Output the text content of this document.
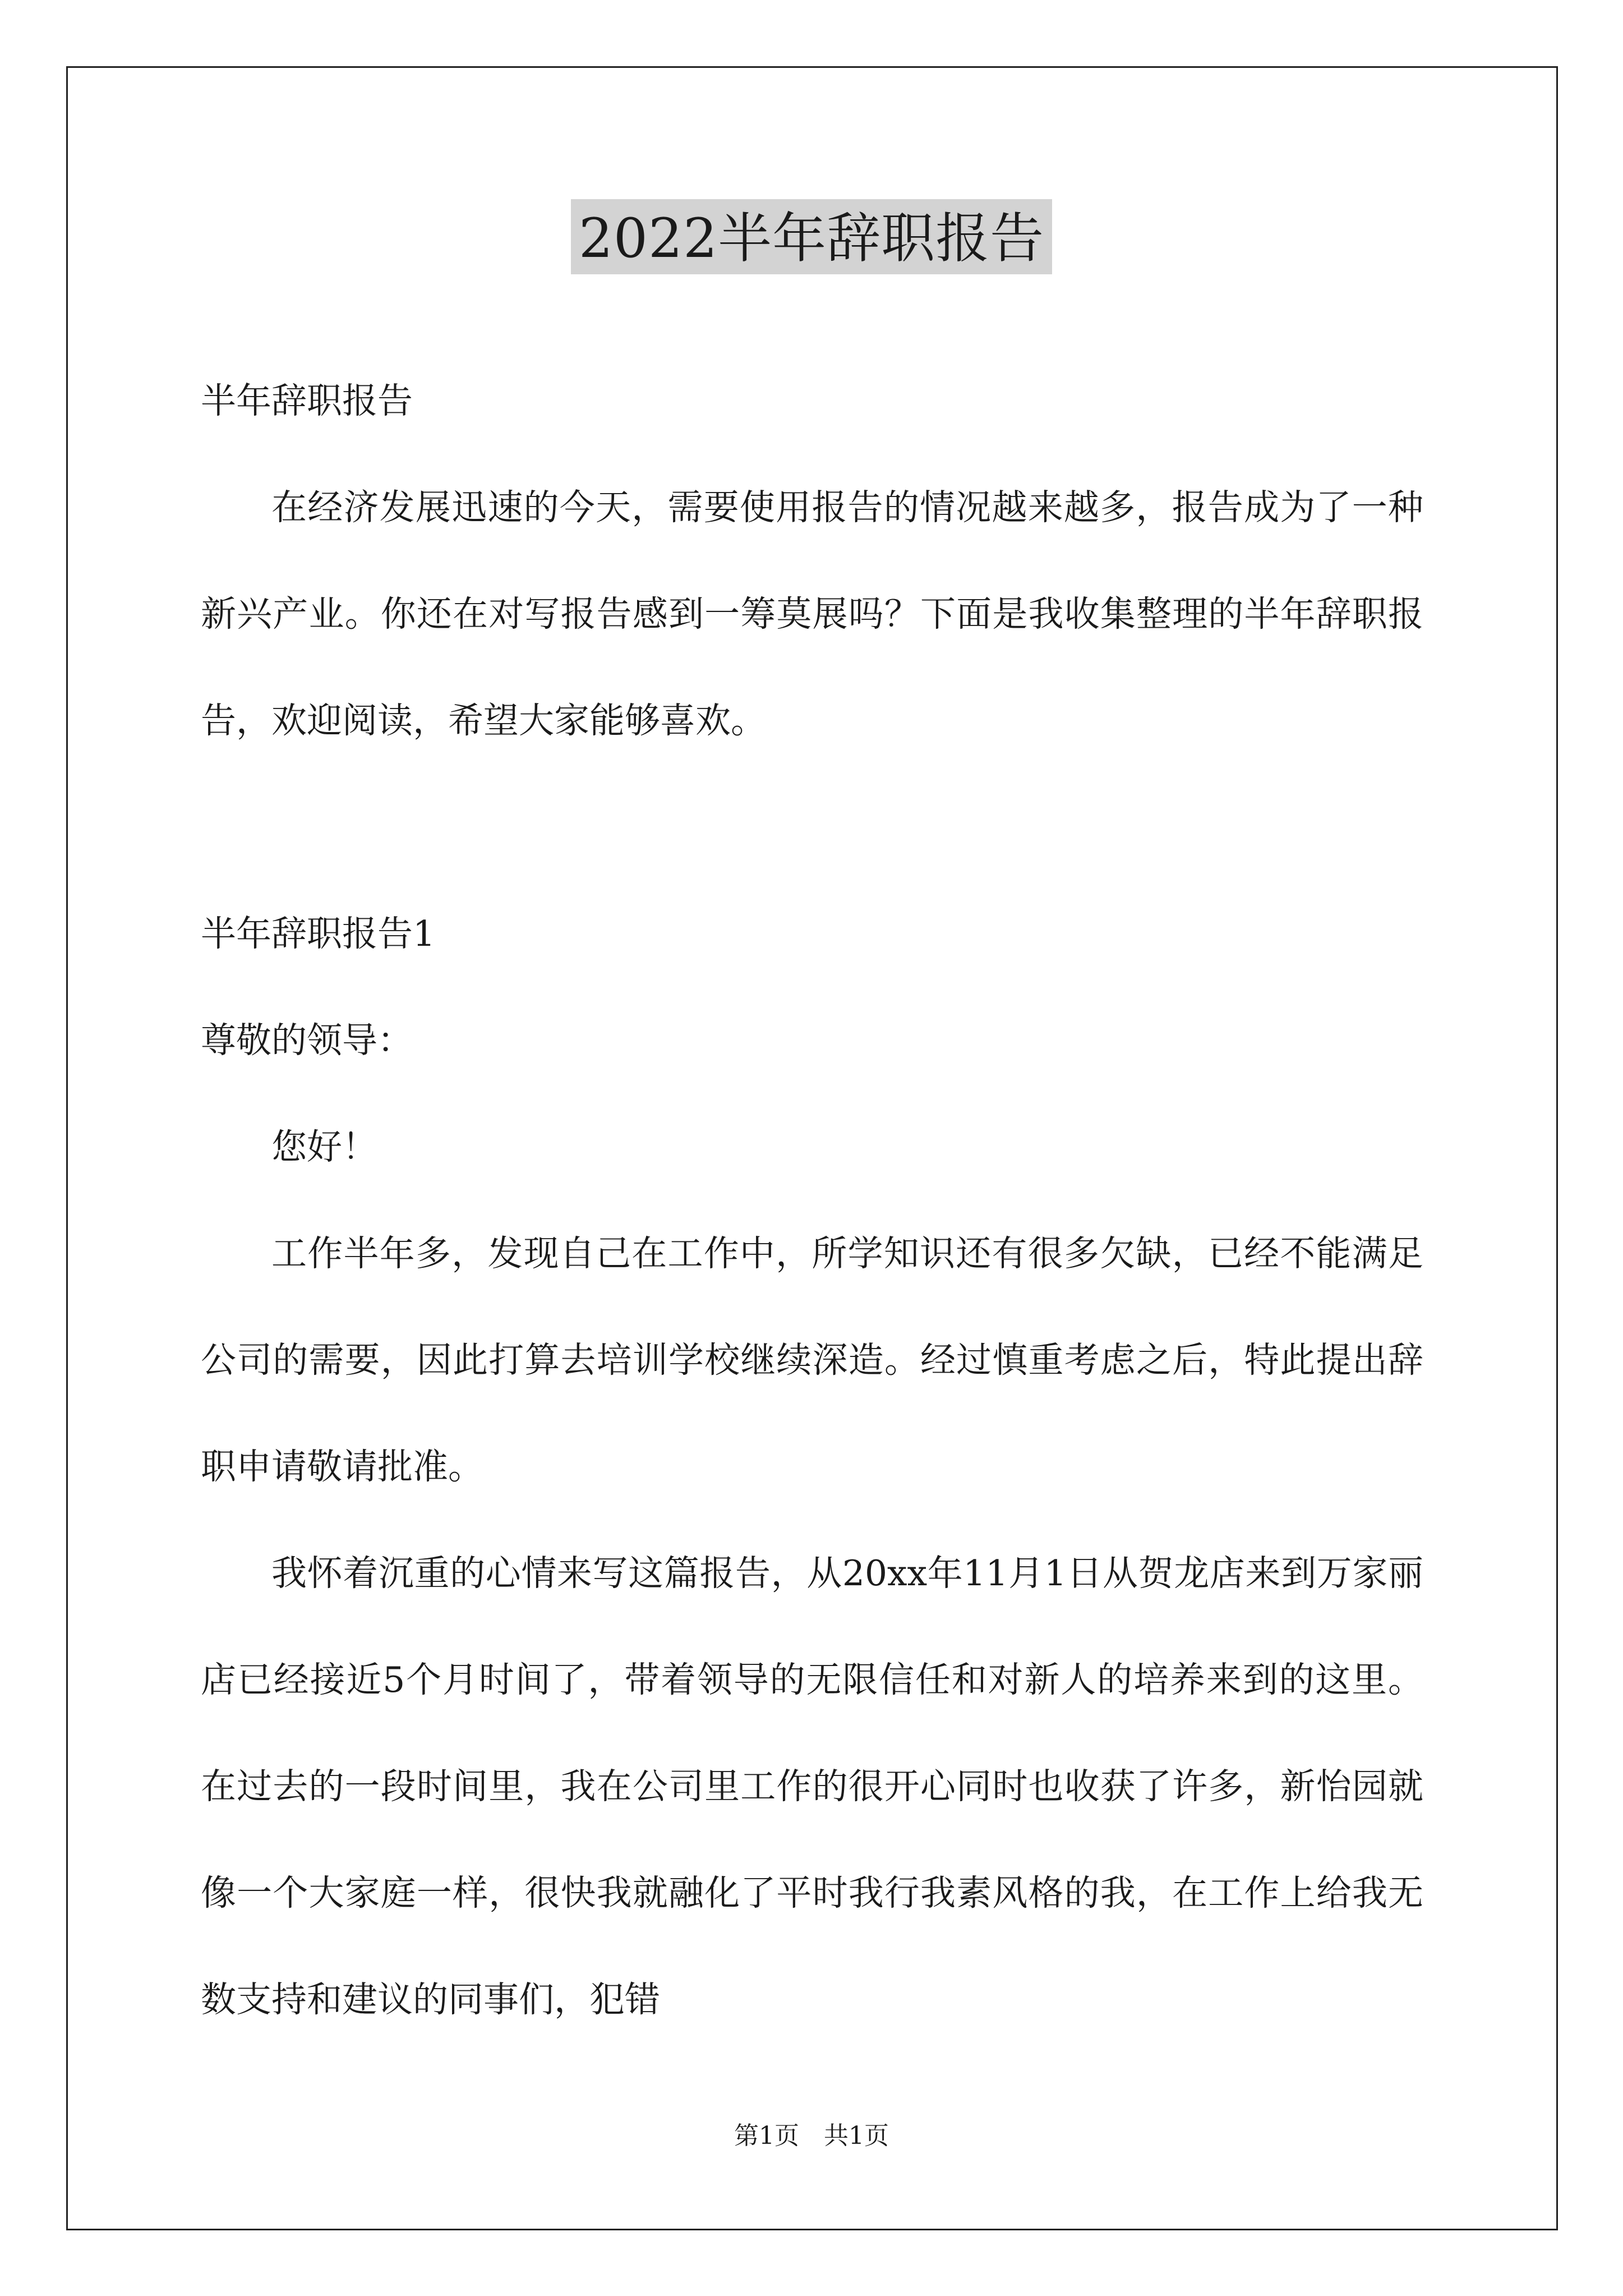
2022半年辞职报告

半年辞职报告

在经济发展迅速的今天，需要使用报告的情况越来越多，报告成为了一种新兴产业。你还在对写报告感到一筹莫展吗？下面是我收集整理的半年辞职报告，欢迎阅读，希望大家能够喜欢。

半年辞职报告1

尊敬的领导：

您好！

工作半年多，发现自己在工作中，所学知识还有很多欠缺，已经不能满足公司的需要，因此打算去培训学校继续深造。经过慎重考虑之后，特此提出辞职申请敬请批准。

我怀着沉重的心情来写这篇报告，从20xx年11月1日从贺龙店来到万家丽店已经接近5个月时间了，带着领导的无限信任和对新人的培养来到的这里。在过去的一段时间里，我在公司里工作的很开心同时也收获了许多，新怡园就像一个大家庭一样，很快我就融化了平时我行我素风格的我，在工作上给我无数支持和建议的同事们，犯错

第1页 共1页
